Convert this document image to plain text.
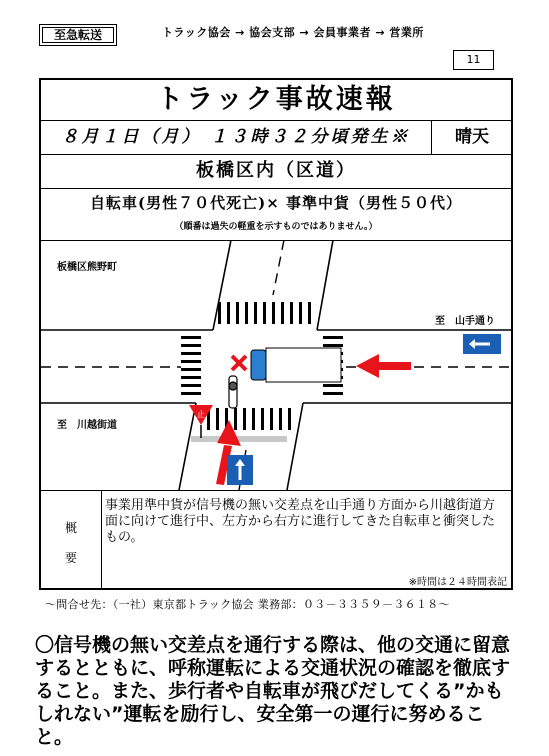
至急転送	トラック協会 → 協会支部 → 会員事業者 → 営業所
11
トラック事故速報
８月１日（月） １３時３２分頃発生※	晴天
板橋区内（区道）
自転車(男性７０代死亡)× 事準中貨（男性５０代）
（順番は過失の軽重を示すものではありません。）
止
板橋区熊野町
至　山手通り
至　川越街道
概
要
事業用準中貨が信号機の無い交差点を山手通り方面から川越街道方面に向けて進行中、左方から右方に進行してきた自転車と衝突したもの。
※時間は２４時間表記
～問合せ先：（一社）東京都トラック協会 業務部：０３－３３５９－３６１８～
〇信号機の無い交差点を通行する際は、他の交通に留意するとともに、呼称運転による交通状況の確認を徹底すること。また、歩行者や自転車が飛びだしてくる”かもしれない”運転を励行し、安全第一の運行に努めること。
